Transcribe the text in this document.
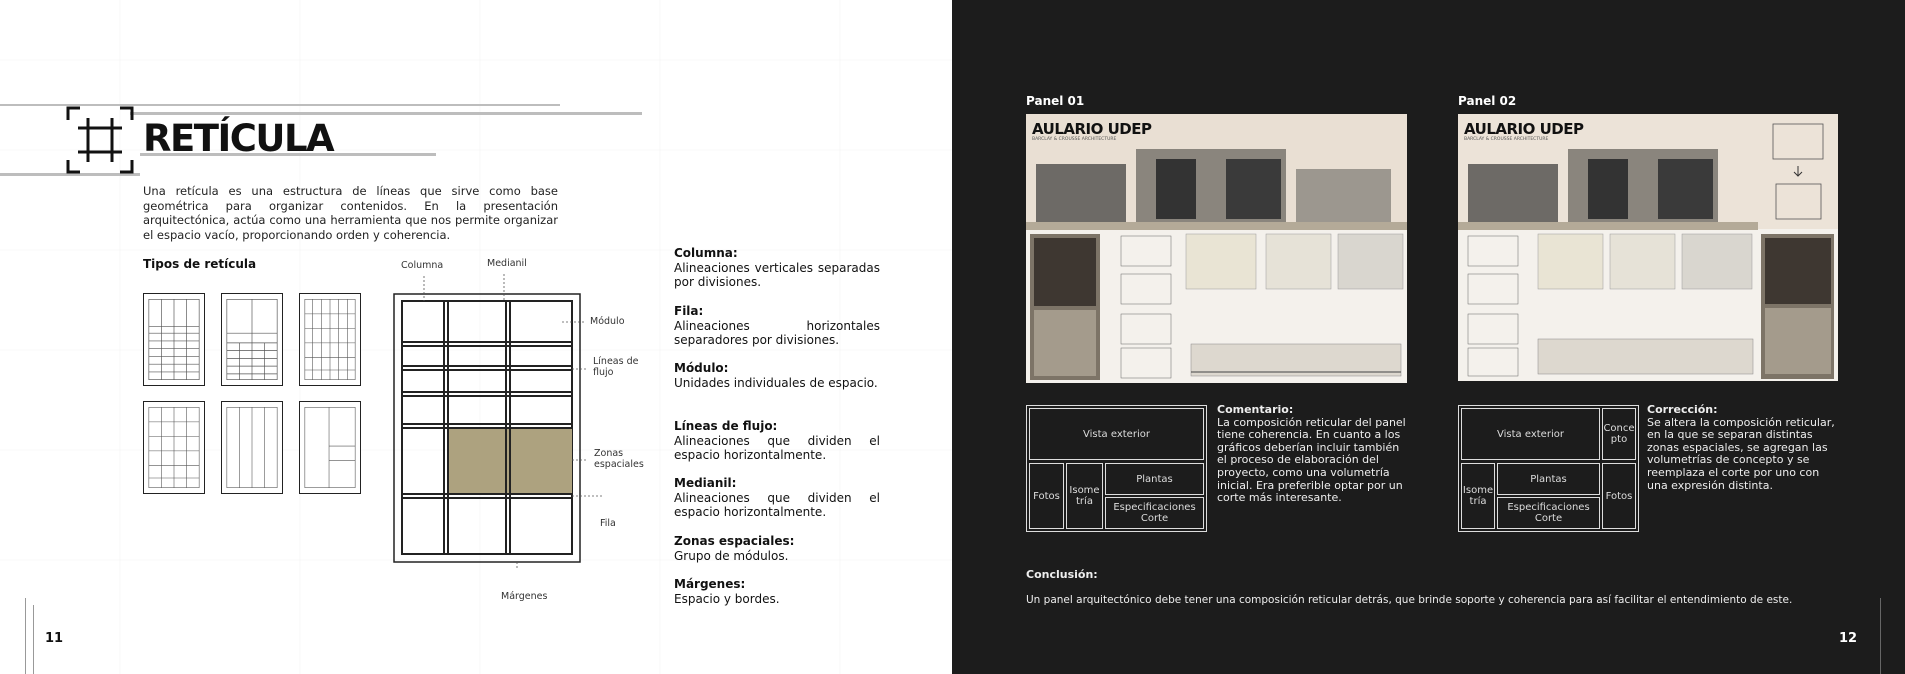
RETÍCULA
Una retícula es una estructura de líneas que sirve como base geométrica para organizar contenidos. En la presentación arquitectónica, actúa como una herramienta que nos permite organizar el espacio vacío, proporcionando orden y coherencia.
Tipos de retícula	Columna	Medianil
Módulo
Líneas de flujo
Zonas espaciales
Fila
Márgenes
Columna:
Alineaciones verticales separadas por divisiones.
Fila:
Alineaciones horizontales separadores por divisiones.
Módulo:
Unidades individuales de espacio.
Líneas de flujo:
Alineaciones que dividen el espacio horizontalmente.
Medianil:
Alineaciones que dividen el espacio horizontalmente.
Zonas espaciales:
Grupo de módulos.
Márgenes:
Espacio y bordes.
11
Panel 01	Panel 02
AULARIO UDEP
BARCLAY & CROUSSE ARCHITECTURE
AULARIO UDEP
BARCLAY & CROUSSE ARCHITECTURE
Vista exterior
Fotos Isome tría
Plantas
Especificaciones Corte
Comentario:
La composición reticular del panel tiene coherencia. En cuanto a los gráficos deberían incluir también el proceso de elaboración del proyecto, como una volumetría inicial. Era preferible optar por un corte más interesante.
Vista exterior	Conce pto
Isome tría
Plantas
Especificaciones Corte
Fotos
Corrección:
Se altera la composición reticular, en la que se separan distintas zonas espaciales, se agregan las volumetrías de concepto y se reemplaza el corte por uno con una expresión distinta.
Conclusión:
Un panel arquitectónico debe tener una composición reticular detrás, que brinde soporte y coherencia para así facilitar el entendimiento de este.
12
